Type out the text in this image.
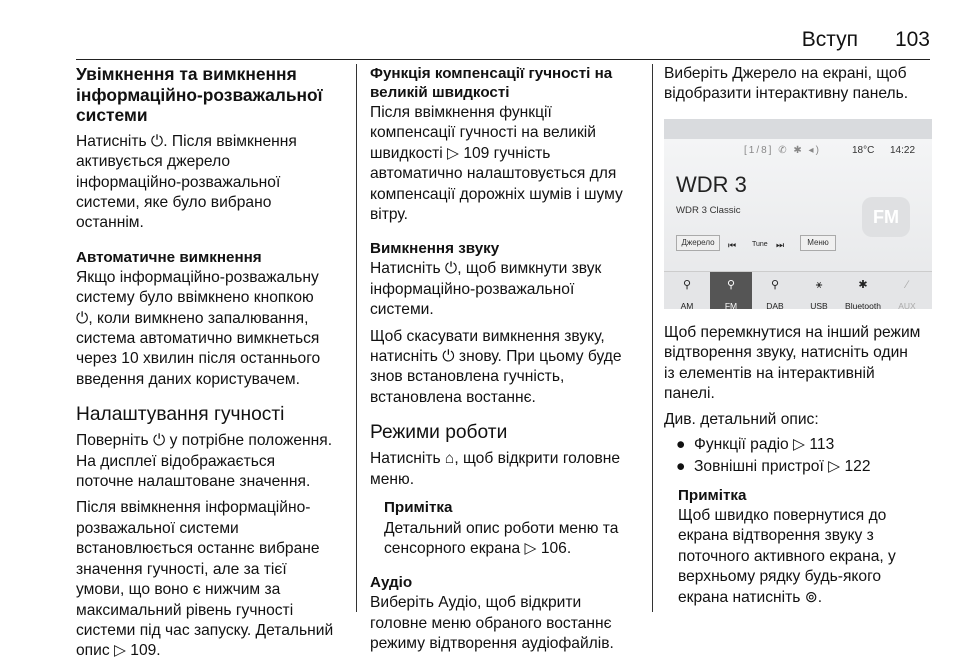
Вступ 103
Увімкнення та вимкнення
інформаційно-розважальної
системи

Натисніть ⏻. Після ввімкнення
активується джерело
інформаційно-розважальної
системи, яке було вибрано
останнім.

Автоматичне вимкнення

Якщо інформаційно-розважальну
систему було ввімкнено кнопкою
⏻, коли вимкнено запалювання,
система автоматично вимкнеться
через 10 хвилин після останнього
введення даних користувачем.

Налаштування гучності

Поверніть ⏻ у потрібне положення.
На дисплеї відображається
поточне налаштоване значення.

Після ввімкнення інформаційно-
розважальної системи
встановлюється останнє вибране
значення гучності, але за тієї
умови, що воно є нижчим за
максимальний рівень гучності
системи під час запуску. Детальний
опис ▷ 109.

Функція компенсації гучності на
великій швидкості

Після ввімкнення функції
компенсації гучності на великій
швидкості ▷ 109 гучність
автоматично налаштовується для
компенсації дорожніх шумів і шуму
вітру.

Вимкнення звуку

Натисніть ⏻, щоб вимкнути звук
інформаційно-розважальної
системи.

Щоб скасувати вимкнення звуку,
натисніть ⏻ знову. При цьому буде
знов встановлена гучність,
встановлена востаннє.

Режими роботи

Натисніть ⌂, щоб відкрити головне
меню.

Примітка
Детальний опис роботи меню та
сенсорного екрана ▷ 106.
Аудіо

Виберіть Аудіо, щоб відкрити
головне меню обраного востаннє
режиму відтворення аудіофайлів.

Виберіть Джерело на екрані, щоб
відобразити інтерактивну панель.

[1/8] ✆ ✱ ◂)	18°C 14:22
WDR 3
WDR 3 Classic	FM
Джерело	⏮ Tune ⏭	Меню
⚲
AM
⚲
FM
⚲
DAB
⚹
USB
✱
Bluetooth
∕
AUX

Щоб перемкнутися на інший режим
відтворення звуку, натисніть один
із елементів на інтерактивній
панелі.

Див. детальний опис:

● Функції радіо ▷ 113
● Зовнішні пристрої ▷ 122
Примітка
Щоб швидко повернутися до
екрана відтворення звуку з
поточного активного екрана, у
верхньому рядку будь-якого
екрана натисніть ⊚.
